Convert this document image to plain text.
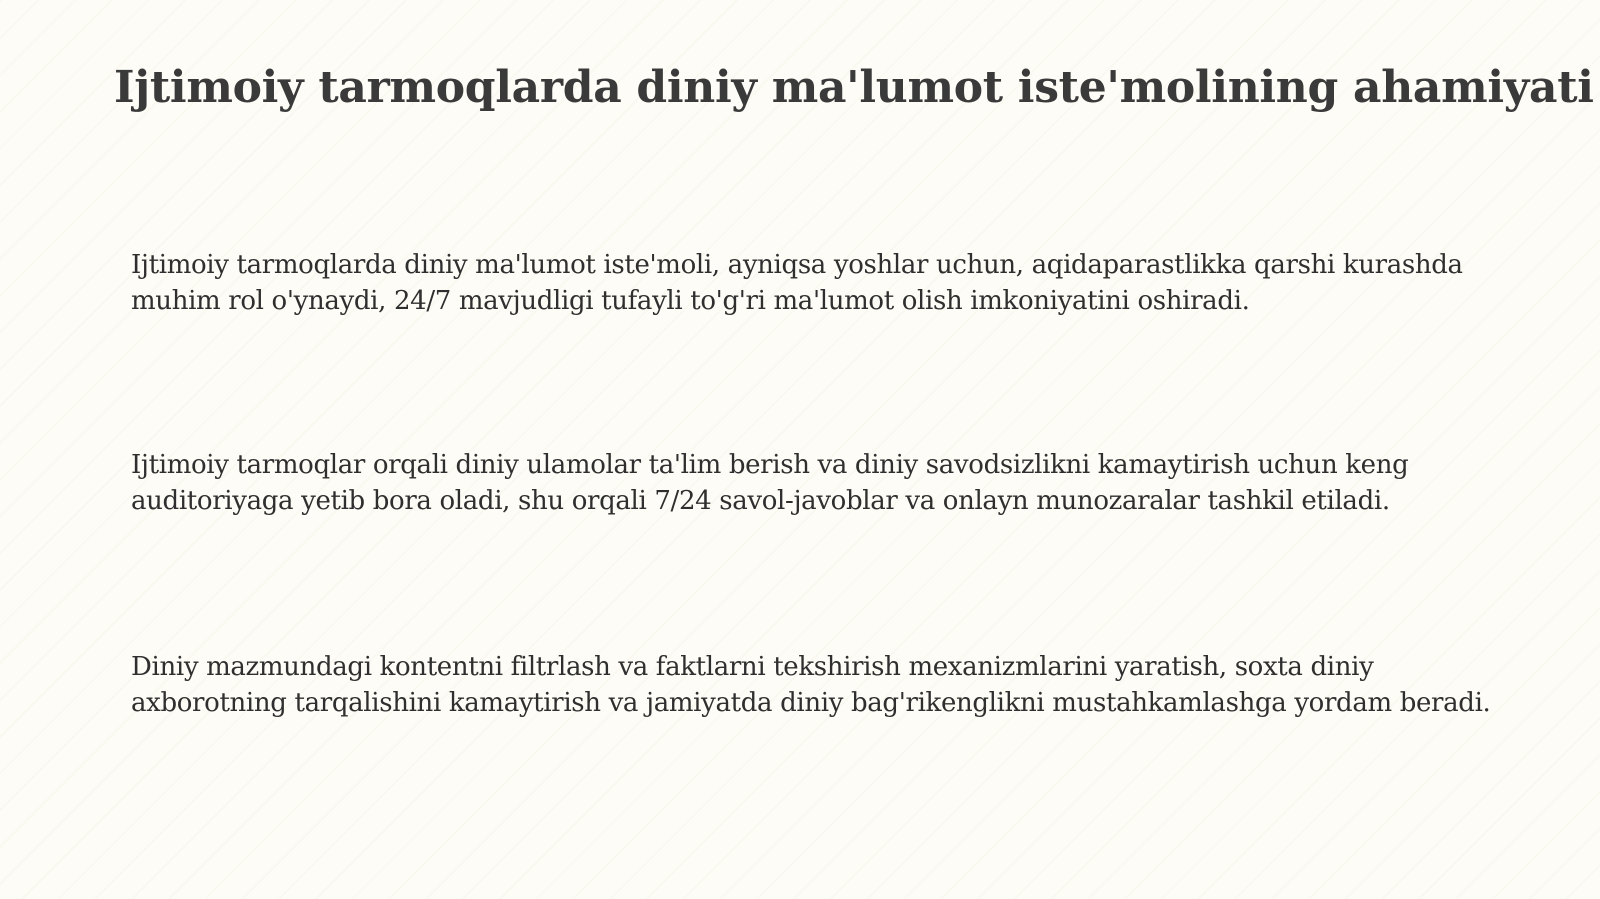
Ijtimoiy tarmoqlarda diniy ma'lumot iste'molining ahamiyati

Ijtimoiy tarmoqlarda diniy ma'lumot iste'moli, ayniqsa yoshlar uchun, aqidaparastlikka qarshi kurashda muhim rol o'ynaydi, 24/7 mavjudligi tufayli to'g'ri ma'lumot olish imkoniyatini oshiradi.

Ijtimoiy tarmoqlar orqali diniy ulamolar ta'lim berish va diniy savodsizlikni kamaytirish uchun keng auditoriyaga yetib bora oladi, shu orqali 7/24 savol-javoblar va onlayn munozaralar tashkil etiladi.

Diniy mazmundagi kontentni filtrlash va faktlarni tekshirish mexanizmlarini yaratish, soxta diniy axborotning tarqalishini kamaytirish va jamiyatda diniy bag'rikenglikni mustahkamlashga yordam beradi.
